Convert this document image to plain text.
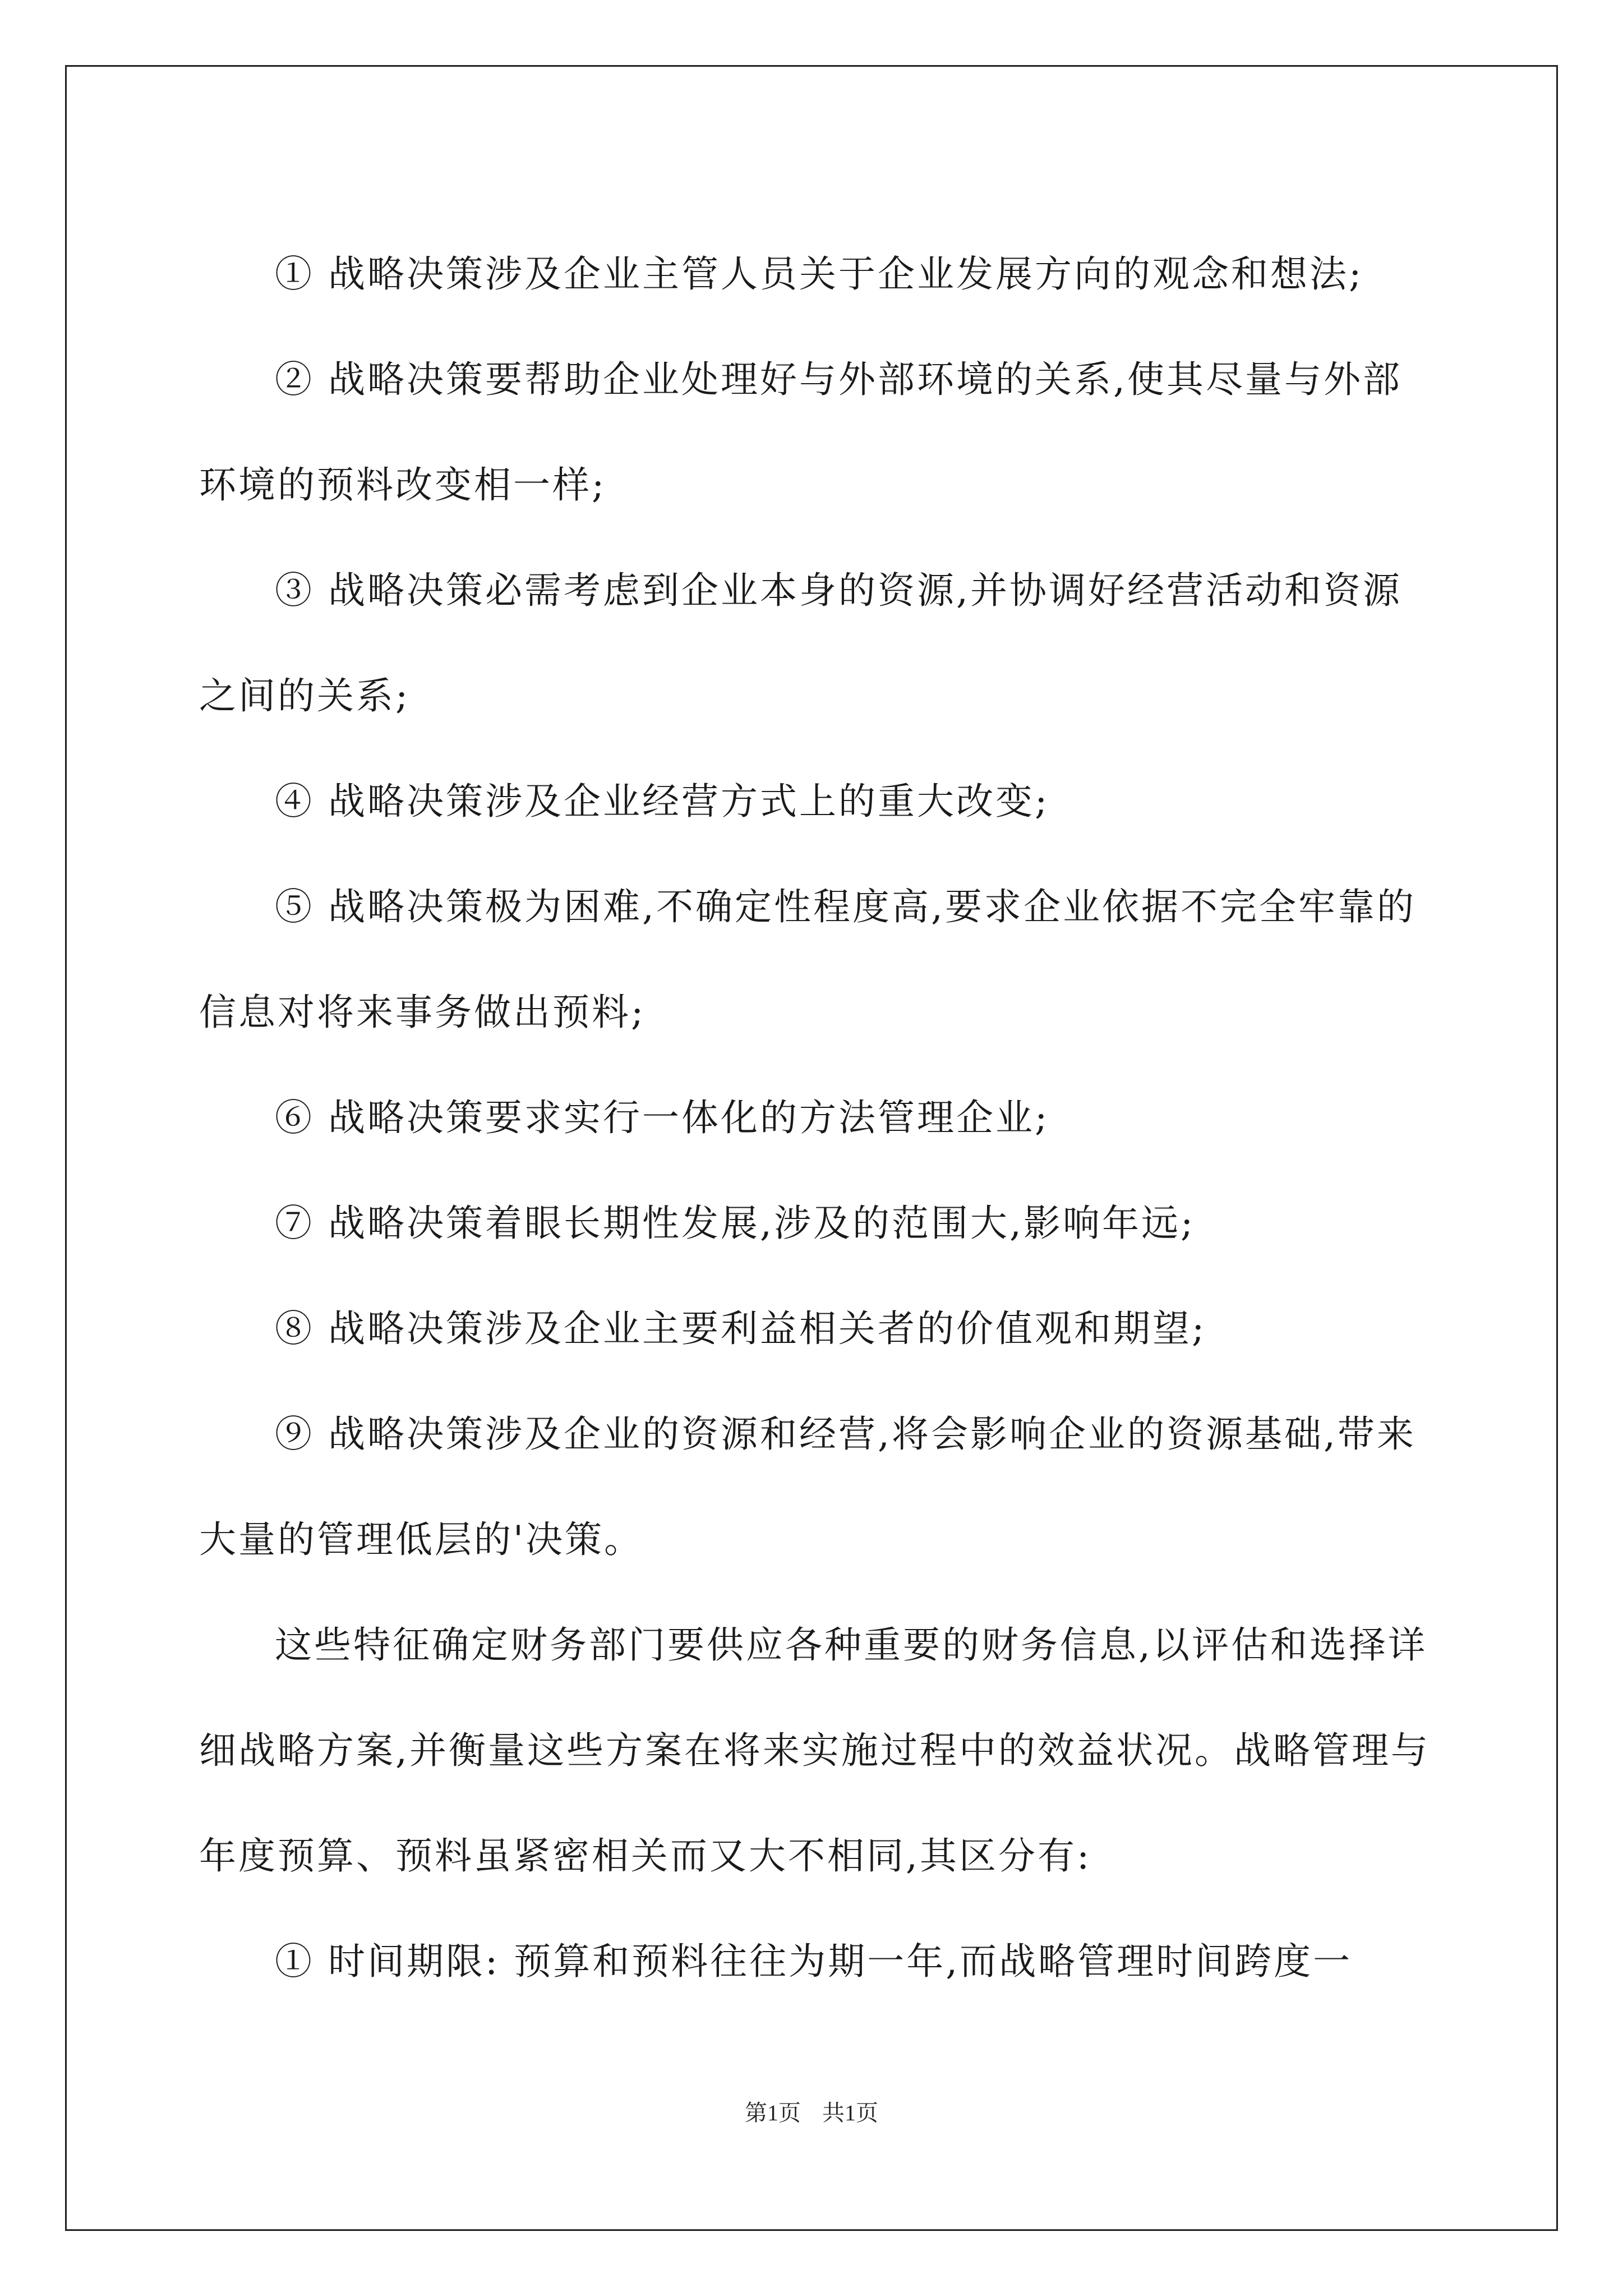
① 战略决策涉及企业主管人员关于企业发展方向的观念和想法;

② 战略决策要帮助企业处理好与外部环境的关系,使其尽量与外部环境的预料改变相一样;

③ 战略决策必需考虑到企业本身的资源,并协调好经营活动和资源之间的关系;

④ 战略决策涉及企业经营方式上的重大改变;

⑤ 战略决策极为困难,不确定性程度高,要求企业依据不完全牢靠的信息对将来事务做出预料;

⑥ 战略决策要求实行一体化的方法管理企业;

⑦ 战略决策着眼长期性发展,涉及的范围大,影响年远;

⑧ 战略决策涉及企业主要利益相关者的价值观和期望;

⑨ 战略决策涉及企业的资源和经营,将会影响企业的资源基础,带来大量的管理低层的'决策。

这些特征确定财务部门要供应各种重要的财务信息,以评估和选择详细战略方案,并衡量这些方案在将来实施过程中的效益状况。战略管理与年度预算、预料虽紧密相关而又大不相同,其区分有:

① 时间期限: 预算和预料往往为期一年,而战略管理时间跨度一

第1页 共1页
